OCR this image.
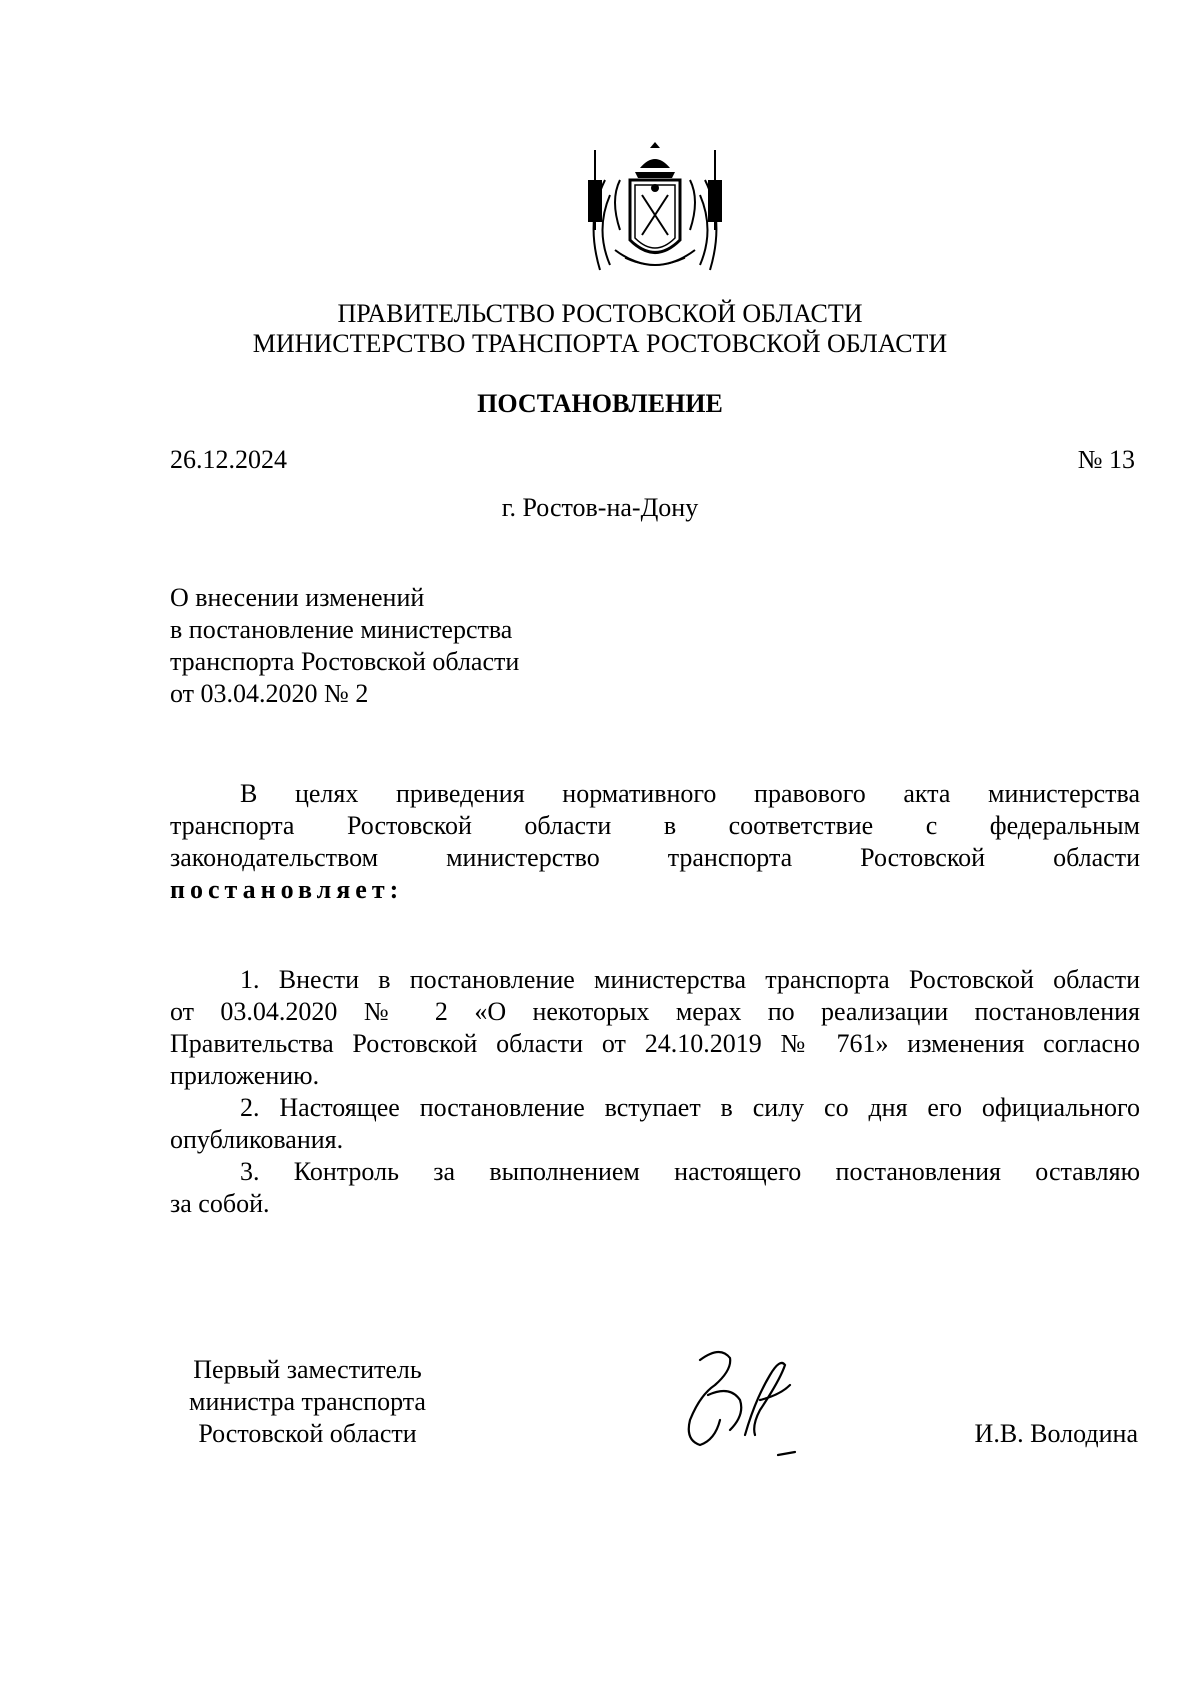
ПРАВИТЕЛЬСТВО РОСТОВСКОЙ ОБЛАСТИ
МИНИСТЕРСТВО ТРАНСПОРТА РОСТОВСКОЙ ОБЛАСТИ
ПОСТАНОВЛЕНИЕ
26.12.2024	№ 13
г. Ростов-на-Дону
О внесении изменений
в постановление министерства
транспорта Ростовской области
от 03.04.2020 № 2
В целях приведения нормативного правового акта министерства
транспорта Ростовской области в соответствие с федеральным
законодательством министерство транспорта Ростовской области
постановляет:
1. Внести в постановление министерства транспорта Ростовской области
от 03.04.2020 № 2 «О некоторых мерах по реализации постановления
Правительства Ростовской области от 24.10.2019 № 761» изменения согласно
приложению.
2. Настоящее постановление вступает в силу со дня его официального
опубликования.
3. Контроль за выполнением настоящего постановления оставляю
за собой.
Первый заместитель
министра транспорта
Ростовской области	И.В. Володина
